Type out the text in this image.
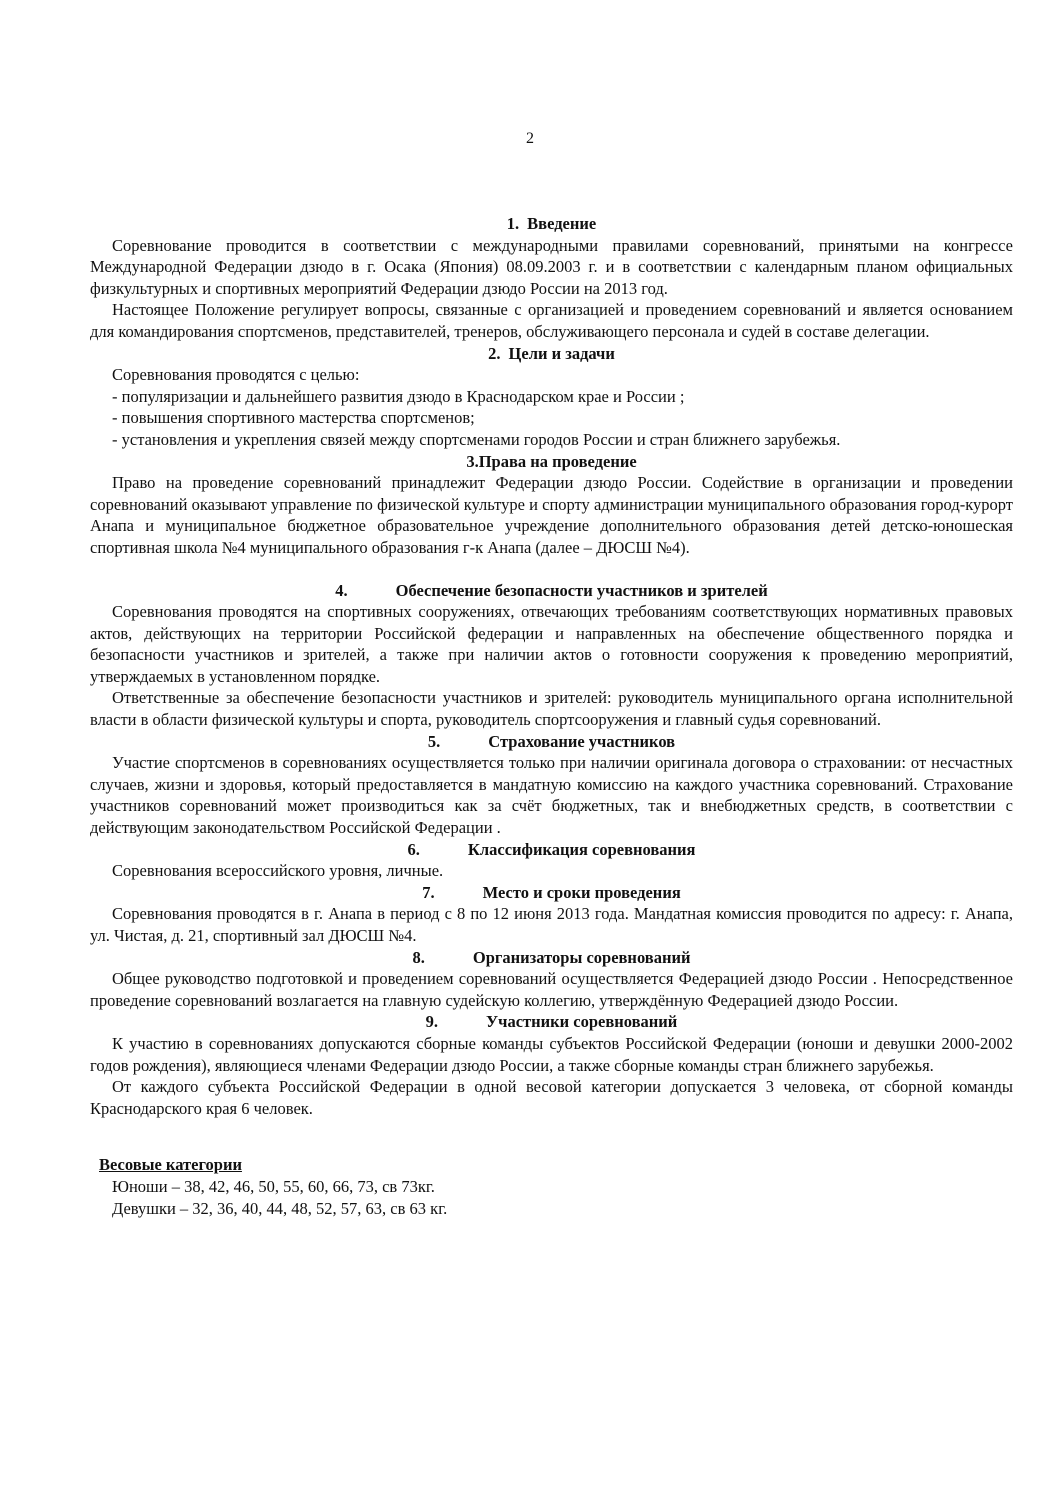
2

1. Введение

Соревнование проводится в соответствии с международными правилами соревнований, принятыми на конгрессе Международной Федерации дзюдо в г. Осака (Япония) 08.09.2003 г. и в соответствии с календарным планом официальных физкультурных и спортивных мероприятий Федерации дзюдо России на 2013 год.

Настоящее Положение регулирует вопросы, связанные с организацией и проведением соревнований и является основанием для командирования спортсменов, представителей, тренеров, обслуживающего персонала и судей в составе делегации.

2. Цели и задачи

Соревнования проводятся с целью:

- популяризации и дальнейшего развития дзюдо в Краснодарском крае и России ;

- повышения спортивного мастерства спортсменов;

- установления и укрепления связей между спортсменами городов России и стран ближнего зарубежья.

3.Права на проведение

Право на проведение соревнований принадлежит Федерации дзюдо России. Содействие в организации и проведении соревнований оказывают управление по физической культуре и спорту администрации муниципального образования город-курорт Анапа и муниципальное бюджетное образовательное учреждение дополнительного образования детей детско-юношеская спортивная школа №4 муниципального образования г-к Анапа (далее – ДЮСШ №4).

4.	Обеспечение безопасности участников и зрителей

Соревнования проводятся на спортивных сооружениях, отвечающих требованиям соответствующих нормативных правовых актов, действующих на территории Российской федерации и направленных на обеспечение общественного порядка и безопасности участников и зрителей, а также при наличии актов о готовности сооружения к проведению мероприятий, утверждаемых в установленном порядке.

Ответственные за обеспечение безопасности участников и зрителей: руководитель муниципального органа исполнительной власти в области физической культуры и спорта, руководитель спортсооружения и главный судья соревнований.

5.	Страхование участников

Участие спортсменов в соревнованиях осуществляется только при наличии оригинала договора о страховании: от несчастных случаев, жизни и здоровья, который предоставляется в мандатную комиссию на каждого участника соревнований. Страхование участников соревнований может производиться как за счёт бюджетных, так и внебюджетных средств, в соответствии с действующим законодательством Российской Федерации .

6.	Классификация соревнования

Соревнования всероссийского уровня, личные.

7.	Место и сроки проведения

Соревнования проводятся в г. Анапа в период с 8 по 12 июня 2013 года. Мандатная комиссия проводится по адресу: г. Анапа, ул. Чистая, д. 21, спортивный зал ДЮСШ №4.

8.	Организаторы соревнований

Общее руководство подготовкой и проведением соревнований осуществляется Федерацией дзюдо России . Непосредственное проведение соревнований возлагается на главную судейскую коллегию, утверждённую Федерацией дзюдо России.

9.	Участники соревнований

К участию в соревнованиях допускаются сборные команды субъектов Российской Федерации (юноши и девушки 2000-2002 годов рождения), являющиеся членами Федерации дзюдо России, а также сборные команды стран ближнего зарубежья.

От каждого субъекта Российской Федерации в одной весовой категории допускается 3 человека, от сборной команды Краснодарского края 6 человек.

Весовые категории

Юноши – 38, 42, 46, 50, 55, 60, 66, 73, св 73кг.

Девушки – 32, 36, 40, 44, 48, 52, 57, 63, св 63 кг.
